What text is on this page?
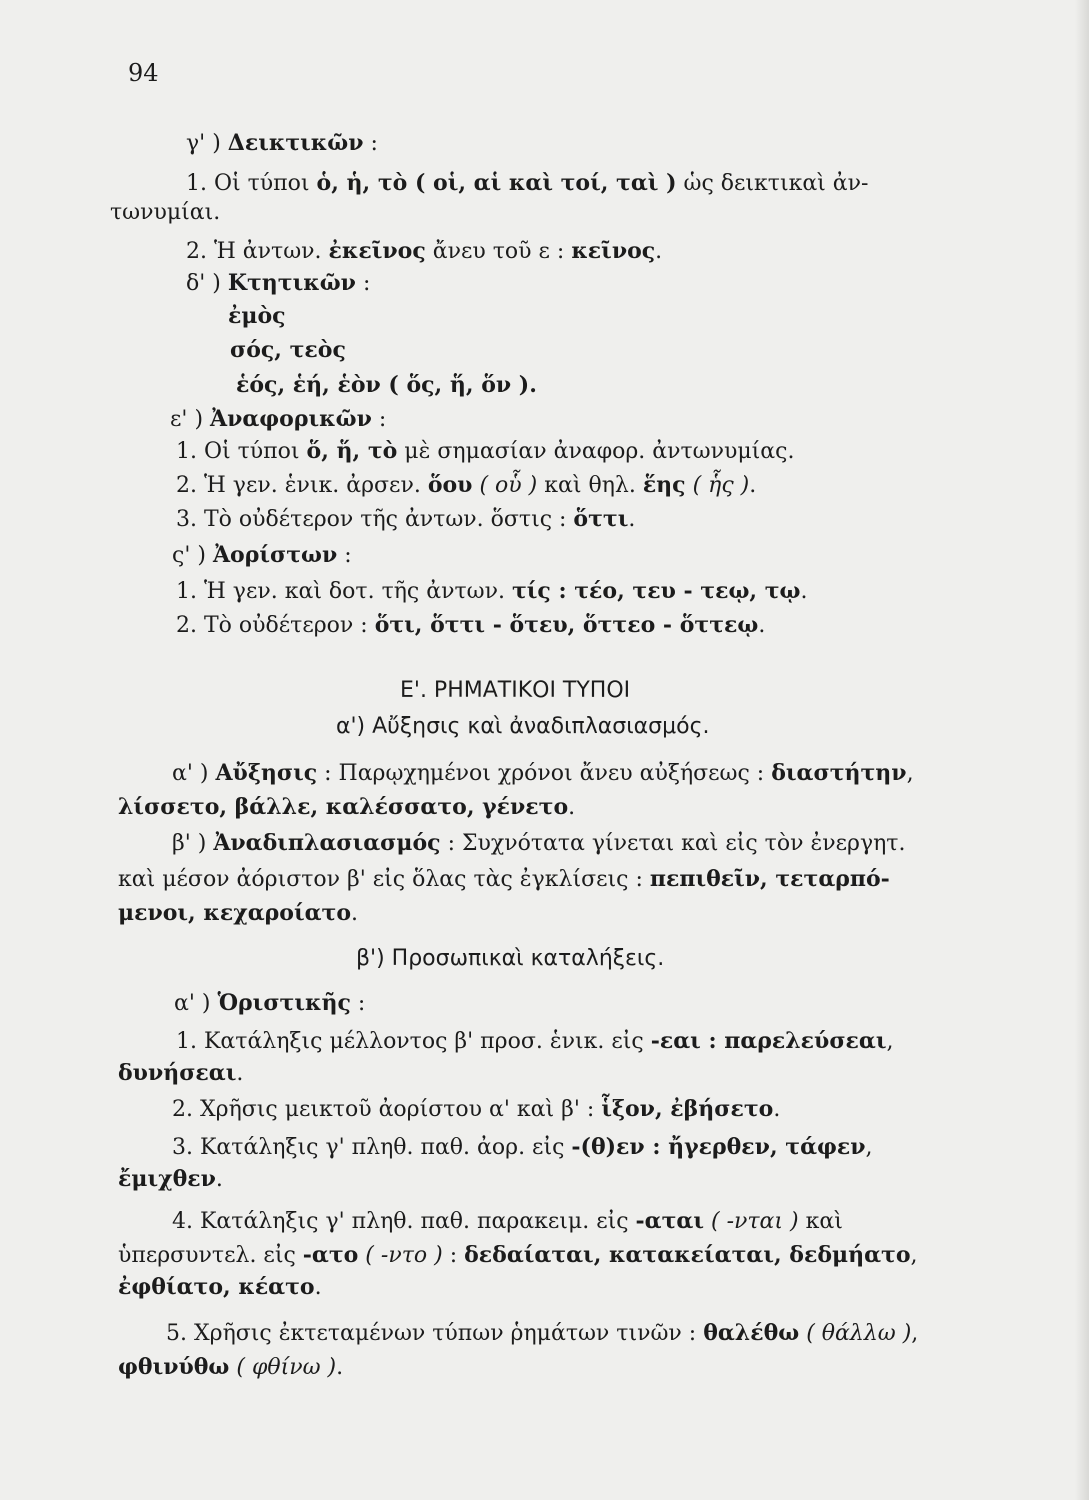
94
γ' ) Δεικτικῶν :
1. Οἱ τύποι ὁ, ἡ, τὸ ( οἱ, αἱ καὶ τοί, ταὶ ) ὡς δεικτικαὶ ἀν-
τωνυμίαι.
2. Ἡ ἀντων. ἐκεῖνος ἄνευ τοῦ ε : κεῖνος.
δ' ) Κτητικῶν :
ἐμὸς
σός, τεὸς
ἑός, ἑή, ἑὸν ( ὅς, ἥ, ὅν ).
ε' ) Ἀναφορικῶν :
1. Οἱ τύποι ὅ, ἥ, τὸ μὲ σημασίαν ἀναφορ. ἀντωνυμίας.
2. Ἡ γεν. ἑνικ. ἀρσεν. ὅου ( οὗ ) καὶ θηλ. ἕης ( ἧς ).
3. Τὸ οὐδέτερον τῆς ἀντων. ὅστις : ὅττι.
ς' ) Ἀορίστων :
1. Ἡ γεν. καὶ δοτ. τῆς ἀντων. τίς : τέο, τευ - τεῳ, τῳ.
2. Τὸ οὐδέτερον : ὅτι, ὅττι - ὅτευ, ὅττεο - ὅττεῳ.
Ε'. ΡΗΜΑΤΙΚΟΙ ΤΥΠΟΙ
α') Αὔξησις καὶ ἀναδιπλασιασμός.
α' ) Αὔξησις : Παρῳχημένοι χρόνοι ἄνευ αὐξήσεως : διαστήτην,
λίσσετο, βάλλε, καλέσσατο, γένετο.
β' ) Ἀναδιπλασιασμός : Συχνότατα γίνεται καὶ εἰς τὸν ἐνεργητ.
καὶ μέσον ἀόριστον β' εἰς ὅλας τὰς ἐγκλίσεις : πεπιθεῖν, τεταρπό-
μενοι, κεχαροίατο.
β') Προσωπικαὶ καταλήξεις.
α' ) Ὁριστικῆς :
1. Κατάληξις μέλλοντος β' προσ. ἑνικ. εἰς -εαι : παρελεύσεαι,
δυνήσεαι.
2. Χρῆσις μεικτοῦ ἀορίστου α' καὶ β' : ἷξον, ἐβήσετο.
3. Κατάληξις γ' πληθ. παθ. ἀορ. εἰς -(θ)εν : ἤγερθεν, τάφεν,
ἔμιχθεν.
4. Κατάληξις γ' πληθ. παθ. παρακειμ. εἰς -αται ( -νται ) καὶ
ὑπερσυντελ. εἰς -ατο ( -ντο ) : δεδαίαται, κατακείαται, δεδμήατο,
ἐφθίατο, κέατο.
5. Χρῆσις ἐκτεταμένων τύπων ῥημάτων τινῶν : θαλέθω ( θάλλω ),
φθινύθω ( φθίνω ).
